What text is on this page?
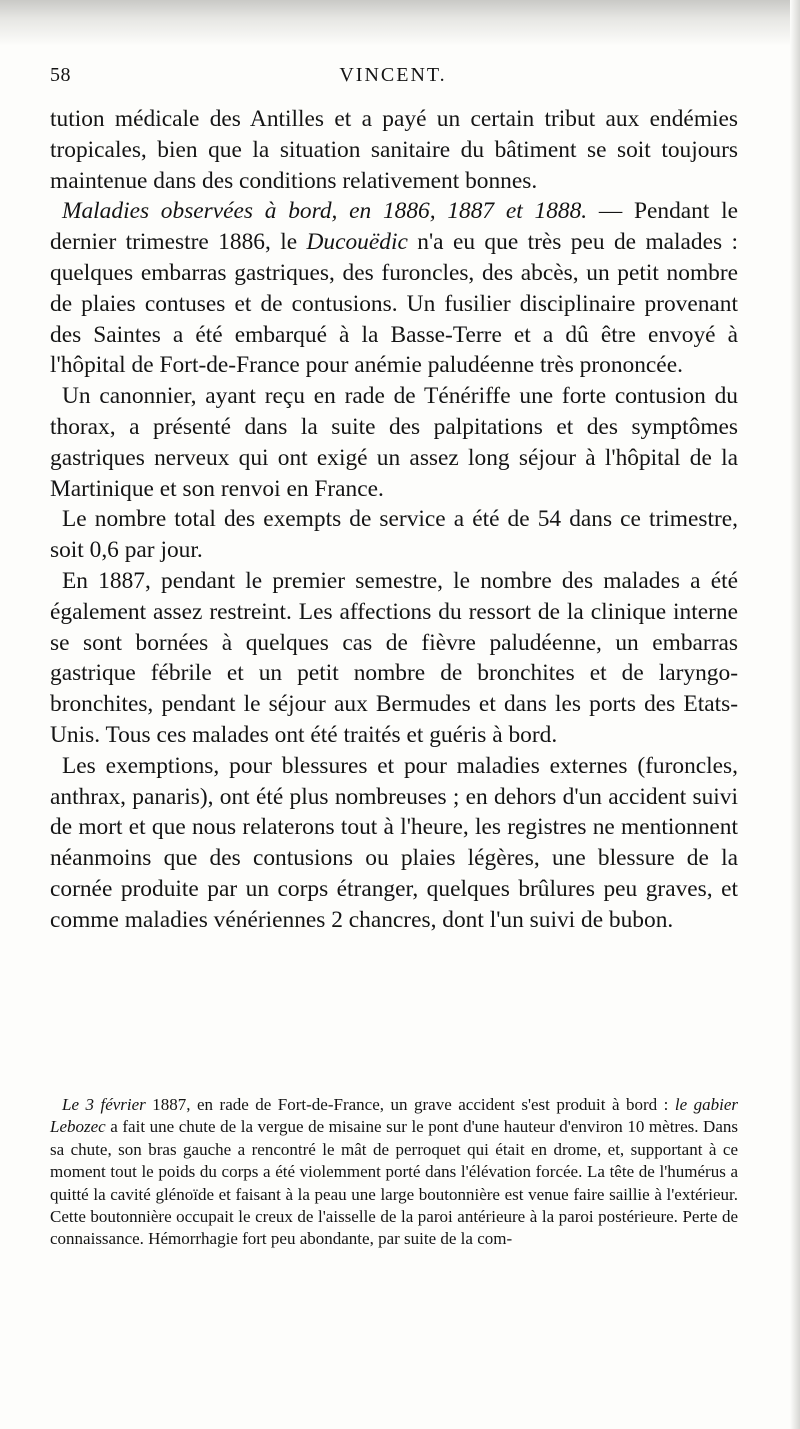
58	VINCENT.

tution médicale des Antilles et a payé un certain tribut aux endémies tropicales, bien que la situation sanitaire du bâtiment se soit toujours maintenue dans des conditions relativement bonnes.

Maladies observées à bord, en 1886, 1887 et 1888. — Pendant le dernier trimestre 1886, le Ducouëdic n'a eu que très peu de malades : quelques embarras gastriques, des furoncles, des abcès, un petit nombre de plaies contuses et de contusions. Un fusilier disciplinaire provenant des Saintes a été embarqué à la Basse-Terre et a dû être envoyé à l'hôpital de Fort-de-France pour anémie paludéenne très prononcée.

Un canonnier, ayant reçu en rade de Ténériffe une forte contusion du thorax, a présenté dans la suite des palpitations et des symptômes gastriques nerveux qui ont exigé un assez long séjour à l'hôpital de la Martinique et son renvoi en France.

Le nombre total des exempts de service a été de 54 dans ce trimestre, soit 0,6 par jour.

En 1887, pendant le premier semestre, le nombre des malades a été également assez restreint. Les affections du ressort de la clinique interne se sont bornées à quelques cas de fièvre paludéenne, un embarras gastrique fébrile et un petit nombre de bronchites et de laryngo-bronchites, pendant le séjour aux Bermudes et dans les ports des Etats-Unis. Tous ces malades ont été traités et guéris à bord.

Les exemptions, pour blessures et pour maladies externes (furoncles, anthrax, panaris), ont été plus nombreuses ; en dehors d'un accident suivi de mort et que nous relaterons tout à l'heure, les registres ne mentionnent néanmoins que des contusions ou plaies légères, une blessure de la cornée produite par un corps étranger, quelques brûlures peu graves, et comme maladies vénériennes 2 chancres, dont l'un suivi de bubon.

Le 3 février 1887, en rade de Fort-de-France, un grave accident s'est produit à bord : le gabier Lebozec a fait une chute de la vergue de misaine sur le pont d'une hauteur d'environ 10 mètres. Dans sa chute, son bras gauche a rencontré le mât de perroquet qui était en drome, et, supportant à ce moment tout le poids du corps a été violemment porté dans l'élévation forcée. La tête de l'humérus a quitté la cavité glénoïde et faisant à la peau une large boutonnière est venue faire saillie à l'extérieur. Cette boutonnière occupait le creux de l'aisselle de la paroi antérieure à la paroi postérieure. Perte de connaissance. Hémorrhagie fort peu abondante, par suite de la com-
